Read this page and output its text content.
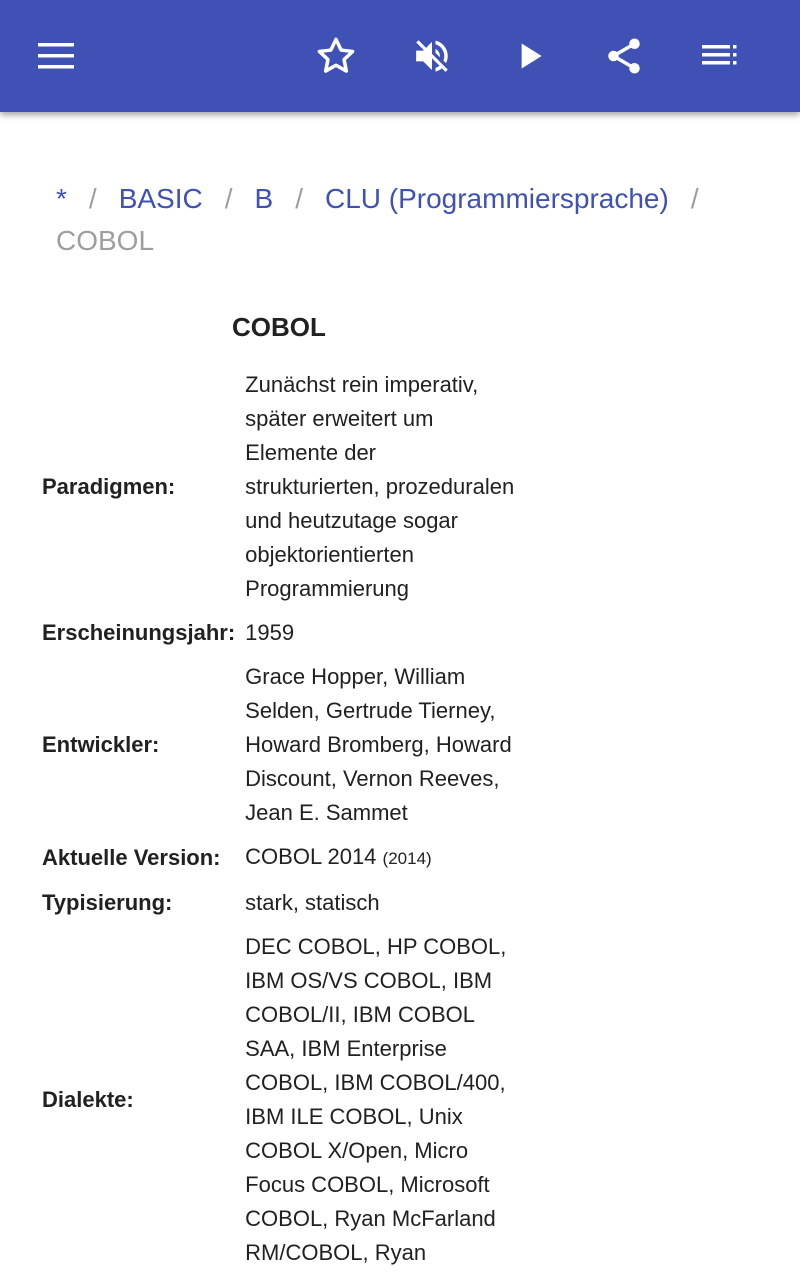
* / BASIC / B / CLU (Programmiersprache) /
COBOL
COBOL
Paradigmen:	Zunächst rein imperativ, später erweitert um Elemente der strukturierten, prozeduralen und heutzutage sogar objektorientierten Programmierung
Erscheinungsjahr:	1959
Entwickler:	Grace Hopper, William Selden, Gertrude Tierney, Howard Bromberg, Howard Discount, Vernon Reeves, Jean E. Sammet
Aktuelle Version:	COBOL 2014 (2014)
Typisierung:	stark, statisch
Dialekte:	DEC COBOL, HP COBOL, IBM OS/VS COBOL, IBM COBOL/II, IBM COBOL SAA, IBM Enterprise COBOL, IBM COBOL/400, IBM ILE COBOL, Unix COBOL X/Open, Micro Focus COBOL, Microsoft COBOL, Ryan McFarland RM/COBOL, Ryan
